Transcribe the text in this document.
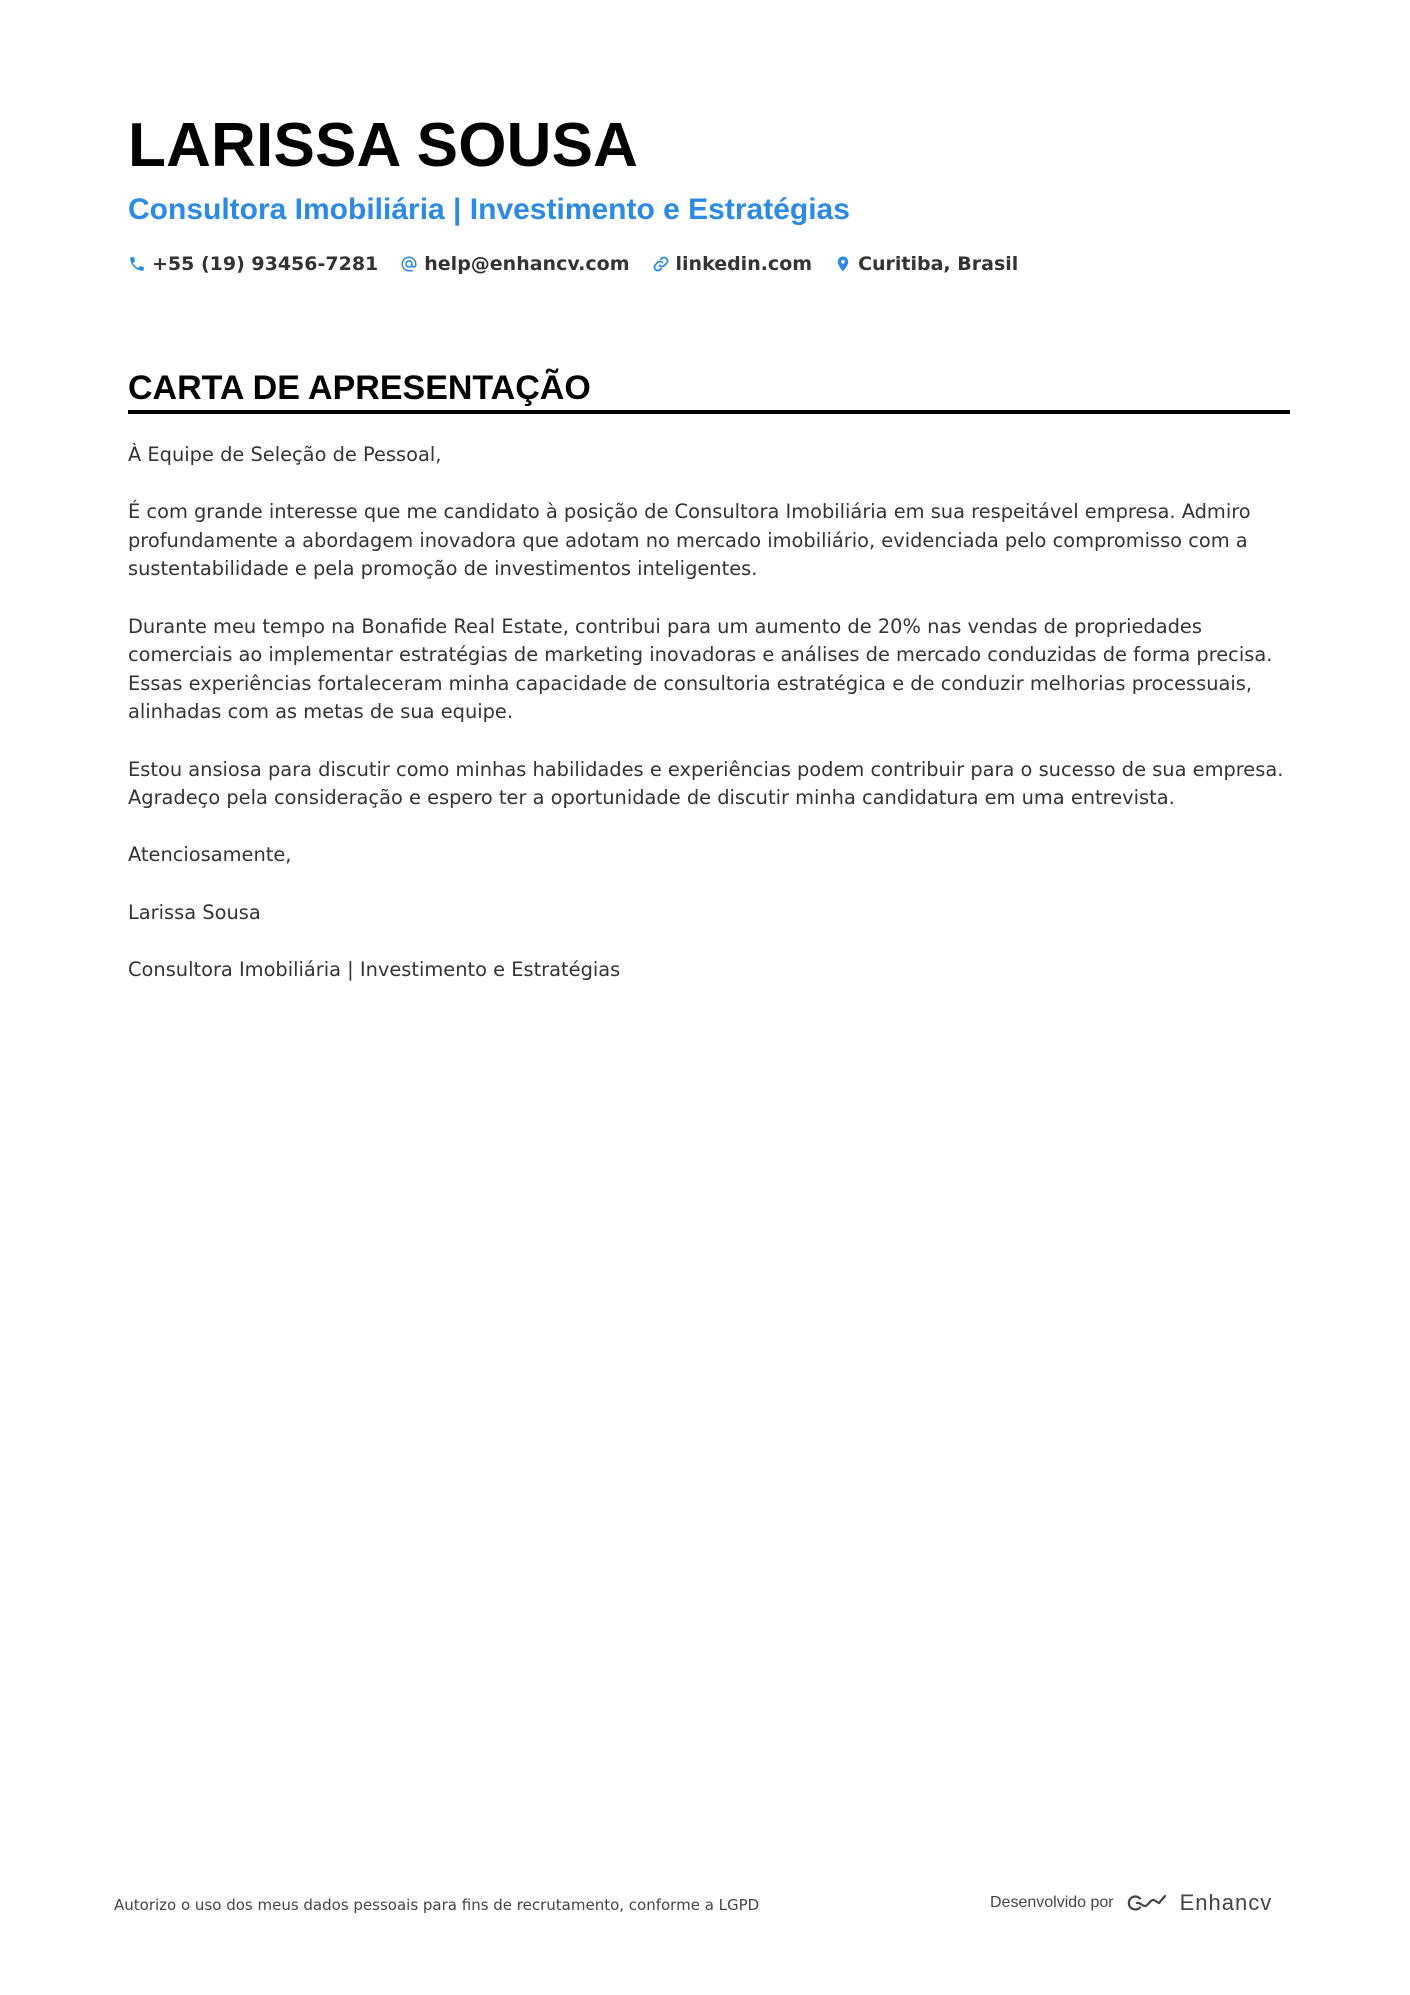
LARISSA SOUSA
Consultora Imobiliária | Investimento e Estratégias
+55 (19) 93456-7281 help@enhancv.com linkedin.com Curitiba, Brasil
CARTA DE APRESENTAÇÃO

À Equipe de Seleção de Pessoal,

É com grande interesse que me candidato à posição de Consultora Imobiliária em sua respeitável empresa. Admiro profundamente a abordagem inovadora que adotam no mercado imobiliário, evidenciada pelo compromisso com a sustentabilidade e pela promoção de investimentos inteligentes.

Durante meu tempo na Bonafide Real Estate, contribui para um aumento de 20% nas vendas de propriedades comerciais ao implementar estratégias de marketing inovadoras e análises de mercado conduzidas de forma precisa. Essas experiências fortaleceram minha capacidade de consultoria estratégica e de conduzir melhorias processuais, alinhadas com as metas de sua equipe.

Estou ansiosa para discutir como minhas habilidades e experiências podem contribuir para o sucesso de sua empresa. Agradeço pela consideração e espero ter a oportunidade de discutir minha candidatura em uma entrevista.

Atenciosamente,

Larissa Sousa

Consultora Imobiliária | Investimento e Estratégias

Autorizo o uso dos meus dados pessoais para fins de recrutamento, conforme a LGPD	Desenvolvido por	Enhancv
